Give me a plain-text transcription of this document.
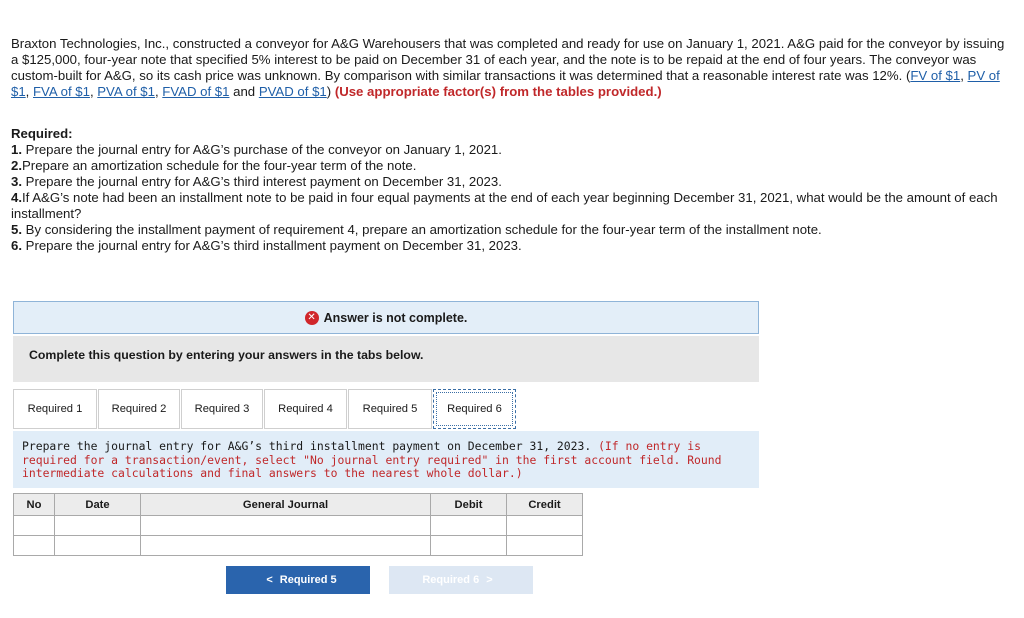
Braxton Technologies, Inc., constructed a conveyor for A&G Warehousers that was completed and ready for use on January 1, 2021. A&G paid for the conveyor by issuing a $125,000, four-year note that specified 5% interest to be paid on December 31 of each year, and the note is to be repaid at the end of four years. The conveyor was custom-built for A&G, so its cash price was unknown. By comparison with similar transactions it was determined that a reasonable interest rate was 12%. (FV of $1, PV of $1, FVA of $1, PVA of $1, FVAD of $1 and PVAD of $1) (Use appropriate factor(s) from the tables provided.)

Required:

1. Prepare the journal entry for A&G’s purchase of the conveyor on January 1, 2021.

2.Prepare an amortization schedule for the four-year term of the note.

3. Prepare the journal entry for A&G’s third interest payment on December 31, 2023.

4.If A&G’s note had been an installment note to be paid in four equal payments at the end of each year beginning December 31, 2021, what would be the amount of each installment?

5. By considering the installment payment of requirement 4, prepare an amortization schedule for the four-year term of the installment note.

6. Prepare the journal entry for A&G’s third installment payment on December 31, 2023.

✕ Answer is not complete.
Complete this question by entering your answers in the tabs below.
Required 1	Required 2	Required 3	Required 4	Required 5	Required 6
Prepare the journal entry for A&G’s third installment payment on December 31, 2023. (If no entry is required for a transaction/event, select "No journal entry required" in the first account field. Round intermediate calculations and final answers to the nearest whole dollar.)
No	Date	General Journal	Debit	Credit

< Required 5	Required 6 >
